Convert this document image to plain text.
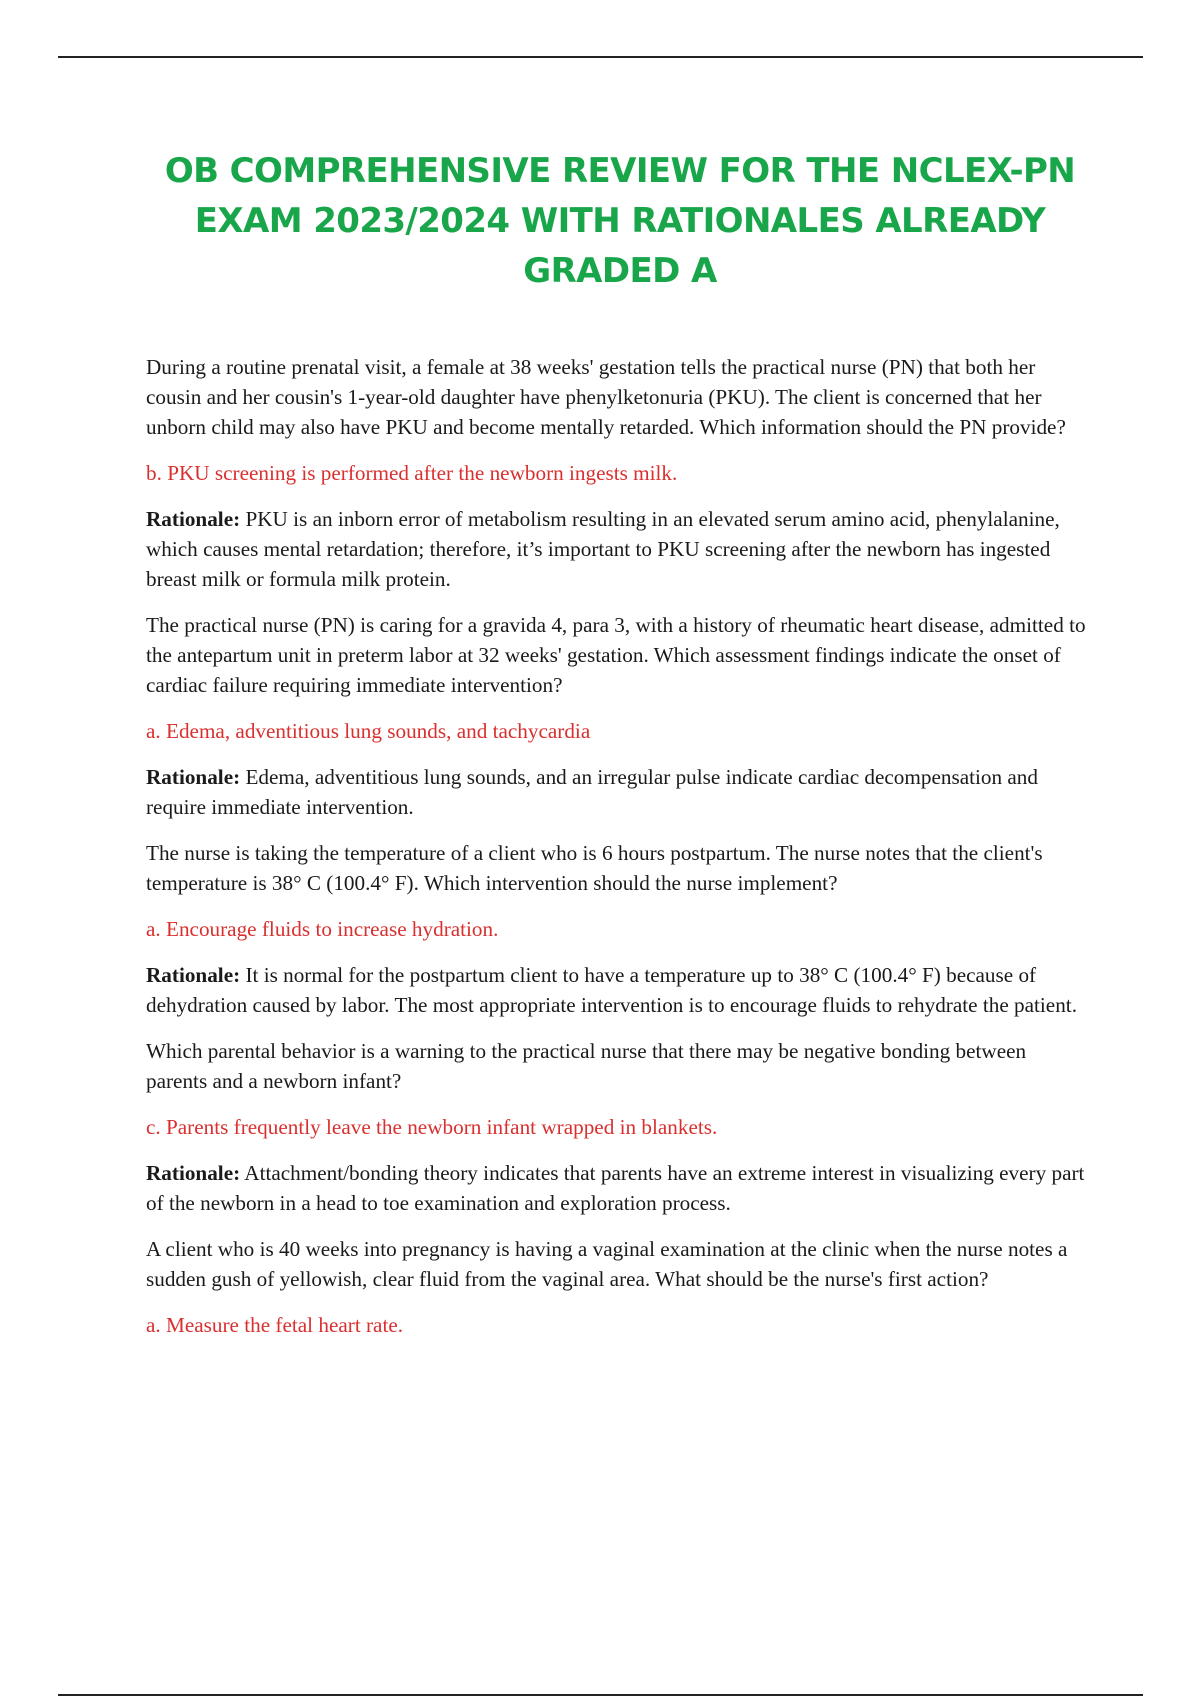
OB COMPREHENSIVE REVIEW FOR THE NCLEX-PN
EXAM 2023/2024 WITH RATIONALES ALREADY
GRADED A

During a routine prenatal visit, a female at 38 weeks' gestation tells the practical nurse (PN) that both her cousin and her cousin's 1-year-old daughter have phenylketonuria (PKU). The client is concerned that her unborn child may also have PKU and become mentally retarded. Which information should the PN provide?

b. PKU screening is performed after the newborn ingests milk.

Rationale: PKU is an inborn error of metabolism resulting in an elevated serum amino acid, phenylalanine, which causes mental retardation; therefore, it’s important to PKU screening after the newborn has ingested breast milk or formula milk protein.

The practical nurse (PN) is caring for a gravida 4, para 3, with a history of rheumatic heart disease, admitted to the antepartum unit in preterm labor at 32 weeks' gestation. Which assessment findings indicate the onset of cardiac failure requiring immediate intervention?

a. Edema, adventitious lung sounds, and tachycardia

Rationale: Edema, adventitious lung sounds, and an irregular pulse indicate cardiac decompensation and require immediate intervention.

The nurse is taking the temperature of a client who is 6 hours postpartum. The nurse notes that the client's temperature is 38° C (100.4° F). Which intervention should the nurse implement?

a. Encourage fluids to increase hydration.

Rationale: It is normal for the postpartum client to have a temperature up to 38° C (100.4° F) because of dehydration caused by labor. The most appropriate intervention is to encourage fluids to rehydrate the patient.

Which parental behavior is a warning to the practical nurse that there may be negative bonding between parents and a newborn infant?

c. Parents frequently leave the newborn infant wrapped in blankets.

Rationale: Attachment/bonding theory indicates that parents have an extreme interest in visualizing every part of the newborn in a head to toe examination and exploration process.

A client who is 40 weeks into pregnancy is having a vaginal examination at the clinic when the nurse notes a sudden gush of yellowish, clear fluid from the vaginal area. What should be the nurse's first action?

a. Measure the fetal heart rate.
